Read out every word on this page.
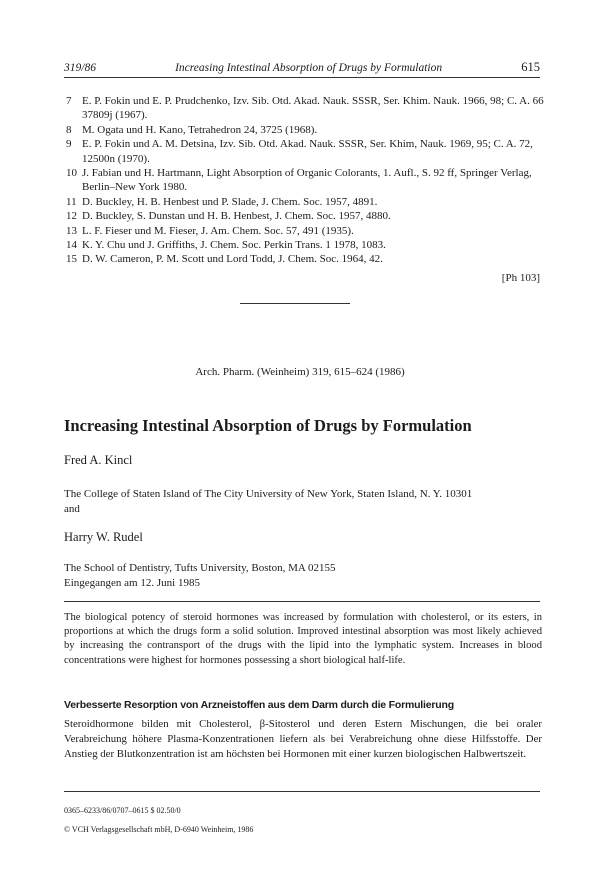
319/86	Increasing Intestinal Absorption of Drugs by Formulation	615
7 E. P. Fokin und E. P. Prudchenko, Izv. Sib. Otd. Akad. Nauk. SSSR, Ser. Khim. Nauk. 1966, 98; C. A. 66 37809j (1967).
8 M. Ogata und H. Kano, Tetrahedron 24, 3725 (1968).
9 E. P. Fokin und A. M. Detsina, Izv. Sib. Otd. Akad. Nauk. SSSR, Ser. Khim, Nauk. 1969, 95; C. A. 72, 12500n (1970).
10 J. Fabian und H. Hartmann, Light Absorption of Organic Colorants, 1. Aufl., S. 92 ff, Springer Verlag, Berlin–New York 1980.
11 D. Buckley, H. B. Henbest und P. Slade, J. Chem. Soc. 1957, 4891.
12 D. Buckley, S. Dunstan und H. B. Henbest, J. Chem. Soc. 1957, 4880.
13 L. F. Fieser und M. Fieser, J. Am. Chem. Soc. 57, 491 (1935).
14 K. Y. Chu und J. Griffiths, J. Chem. Soc. Perkin Trans. 1 1978, 1083.
15 D. W. Cameron, P. M. Scott und Lord Todd, J. Chem. Soc. 1964, 42.
[Ph 103]
Arch. Pharm. (Weinheim) 319, 615–624 (1986)
Increasing Intestinal Absorption of Drugs by Formulation
Fred A. Kincl
The College of Staten Island of The City University of New York, Staten Island, N. Y. 10301
and
Harry W. Rudel
The School of Dentistry, Tufts University, Boston, MA 02155
Eingegangen am 12. Juni 1985
The biological potency of steroid hormones was increased by formulation with cholesterol, or its esters, in proportions at which the drugs form a solid solution. Improved intestinal absorption was most likely achieved by increasing the contransport of the drugs with the lipid into the lymphatic system. Increases in blood concentrations were highest for hormones possessing a short biological half-life.
Verbesserte Resorption von Arzneistoffen aus dem Darm durch die Formulierung
Steroidhormone bilden mit Cholesterol, β-Sitosterol und deren Estern Mischungen, die bei oraler Verabreichung höhere Plasma-Konzentrationen liefern als bei Verabreichung ohne diese Hilfsstoffe. Der Anstieg der Blutkonzentration ist am höchsten bei Hormonen mit einer kurzen biologischen Halbwertszeit.
0365–6233/86/0707–0615 $ 02.50/0
© VCH Verlagsgesellschaft mbH, D-6940 Weinheim, 1986
